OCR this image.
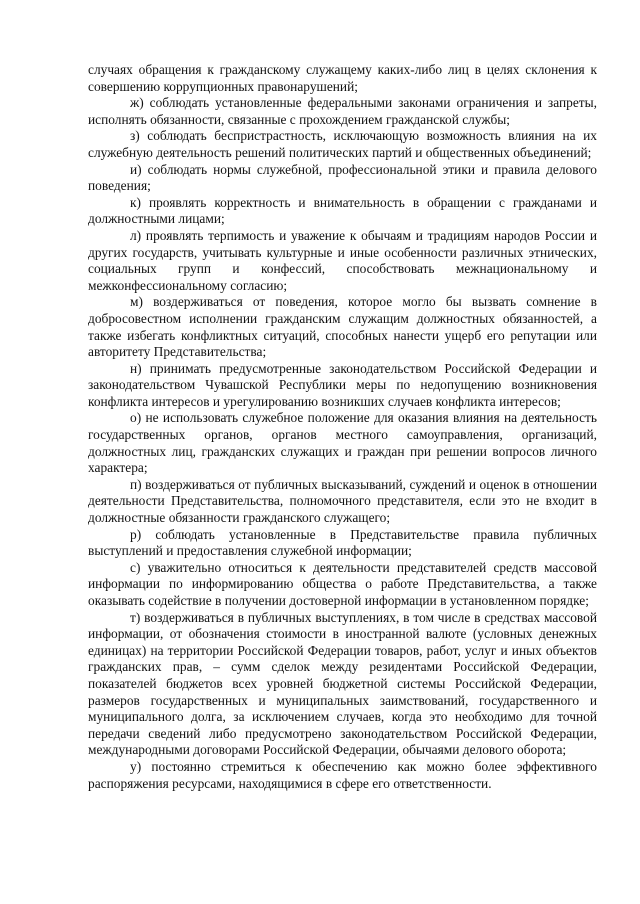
случаях обращения к гражданскому служащему каких-либо лиц в целях склонения к совершению коррупционных правонарушений;

ж) соблюдать установленные федеральными законами ограничения и запреты, исполнять обязанности, связанные с прохождением гражданской службы;

з) соблюдать беспристрастность, исключающую возможность влияния на их служебную деятельность решений политических партий и общественных объединений;

и) соблюдать нормы служебной, профессиональной этики и правила делового поведения;

к) проявлять корректность и внимательность в обращении с гражданами и должностными лицами;

л) проявлять терпимость и уважение к обычаям и традициям народов России и других государств, учитывать культурные и иные особенности различных этнических, социальных групп и конфессий, способствовать межнациональному и межконфессиональному согласию;

м) воздерживаться от поведения, которое могло бы вызвать сомнение в добросовестном исполнении гражданским служащим должностных обязанностей, а также избегать конфликтных ситуаций, способных нанести ущерб его репутации или авторитету Представительства;

н) принимать предусмотренные законодательством Российской Федерации и законодательством Чувашской Республики меры по недопущению возникновения конфликта интересов и урегулированию возникших случаев конфликта интересов;

о) не использовать служебное положение для оказания влияния на деятельность государственных органов, органов местного самоуправления, организаций, должностных лиц, гражданских служащих и граждан при решении вопросов личного характера;

п) воздерживаться от публичных высказываний, суждений и оценок в отношении деятельности Представительства, полномочного представителя, если это не входит в должностные обязанности гражданского служащего;

р) соблюдать установленные в Представительстве правила публичных выступлений и предоставления служебной информации;

с) уважительно относиться к деятельности представителей средств массовой информации по информированию общества о работе Представительства, а также оказывать содействие в получении достоверной информации в установленном порядке;

т) воздерживаться в публичных выступлениях, в том числе в средствах массовой информации, от обозначения стоимости в иностранной валюте (условных денежных единицах) на территории Российской Федерации товаров, работ, услуг и иных объектов гражданских прав, – сумм сделок между резидентами Российской Федерации, показателей бюджетов всех уровней бюджетной системы Российской Федерации, размеров государственных и муниципальных заимствований, государственного и муниципального долга, за исключением случаев, когда это необходимо для точной передачи сведений либо предусмотрено законодательством Российской Федерации, международными договорами Российской Федерации, обычаями делового оборота;

у) постоянно стремиться к обеспечению как можно более эффективного распоряжения ресурсами, находящимися в сфере его ответственности.
